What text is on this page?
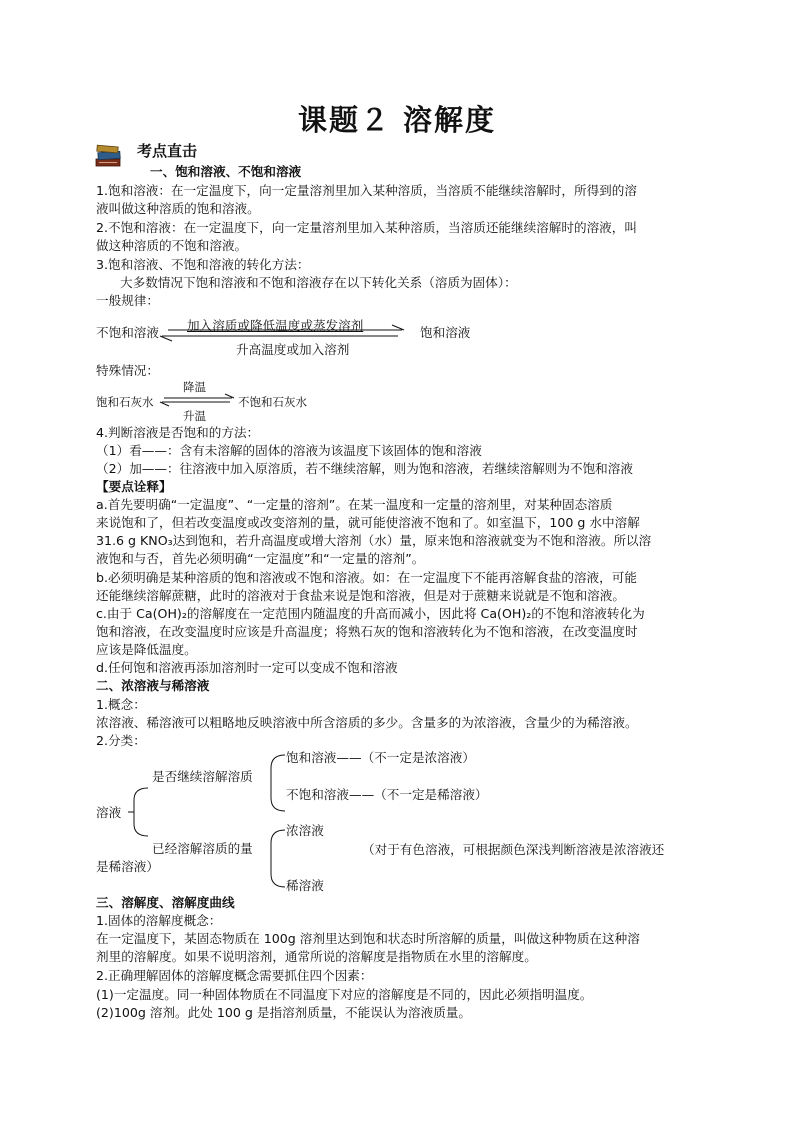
课题２ 溶解度
考点直击
一、饱和溶液、不饱和溶液
1.饱和溶液：在一定温度下，向一定量溶剂里加入某种溶质，当溶质不能继续溶解时，所得到的溶
液叫做这种溶质的饱和溶液。
2.不饱和溶液：在一定温度下，向一定量溶剂里加入某种溶质，当溶质还能继续溶解时的溶液，叫
做这种溶质的不饱和溶液。
3.饱和溶液、不饱和溶液的转化方法：
大多数情况下饱和溶液和不饱和溶液存在以下转化关系（溶质为固体）：
一般规律：
不饱和溶液	饱和溶液
加入溶质或降低温度或蒸发溶剂
升高温度或加入溶剂
特殊情况：
降温
饱和石灰水	不饱和石灰水
升温
4.判断溶液是否饱和的方法：
（1）看——：含有未溶解的固体的溶液为该温度下该固体的饱和溶液
（2）加——：往溶液中加入原溶质，若不继续溶解，则为饱和溶液，若继续溶解则为不饱和溶液
【要点诠释】
a.首先要明确“一定温度”、“一定量的溶剂”。在某一温度和一定量的溶剂里，对某种固态溶质
来说饱和了，但若改变温度或改变溶剂的量，就可能使溶液不饱和了。如室温下，100 g 水中溶解
31.6 g KNO₃达到饱和，若升高温度或增大溶剂（水）量，原来饱和溶液就变为不饱和溶液。所以溶
液饱和与否，首先必须明确“一定温度”和“一定量的溶剂”。
b.必须明确是某种溶质的饱和溶液或不饱和溶液。如：在一定温度下不能再溶解食盐的溶液，可能
还能继续溶解蔗糖，此时的溶液对于食盐来说是饱和溶液，但是对于蔗糖来说就是不饱和溶液。
c.由于 Ca(OH)₂的溶解度在一定范围内随温度的升高而减小，因此将 Ca(OH)₂的不饱和溶液转化为
饱和溶液，在改变温度时应该是升高温度；将熟石灰的饱和溶液转化为不饱和溶液，在改变温度时
应该是降低温度。
d.任何饱和溶液再添加溶剂时一定可以变成不饱和溶液
二、浓溶液与稀溶液
1.概念：
浓溶液、稀溶液可以粗略地反映溶液中所含溶质的多少。含量多的为浓溶液，含量少的为稀溶液。
2.分类：
溶液
是否继续溶解溶质
饱和溶液——（不一定是浓溶液）
不饱和溶液——（不一定是稀溶液）
已经溶解溶质的量
浓溶液
稀溶液
（对于有色溶液，可根据颜色深浅判断溶液是浓溶液还
是稀溶液）
三、溶解度、溶解度曲线
1.固体的溶解度概念：
在一定温度下，某固态物质在 100g 溶剂里达到饱和状态时所溶解的质量，叫做这种物质在这种溶
剂里的溶解度。如果不说明溶剂，通常所说的溶解度是指物质在水里的溶解度。
2.正确理解固体的溶解度概念需要抓住四个因素：
(1)一定温度。同一种固体物质在不同温度下对应的溶解度是不同的，因此必须指明温度。
(2)100g 溶剂。此处 100 g 是指溶剂质量，不能误认为溶液质量。
